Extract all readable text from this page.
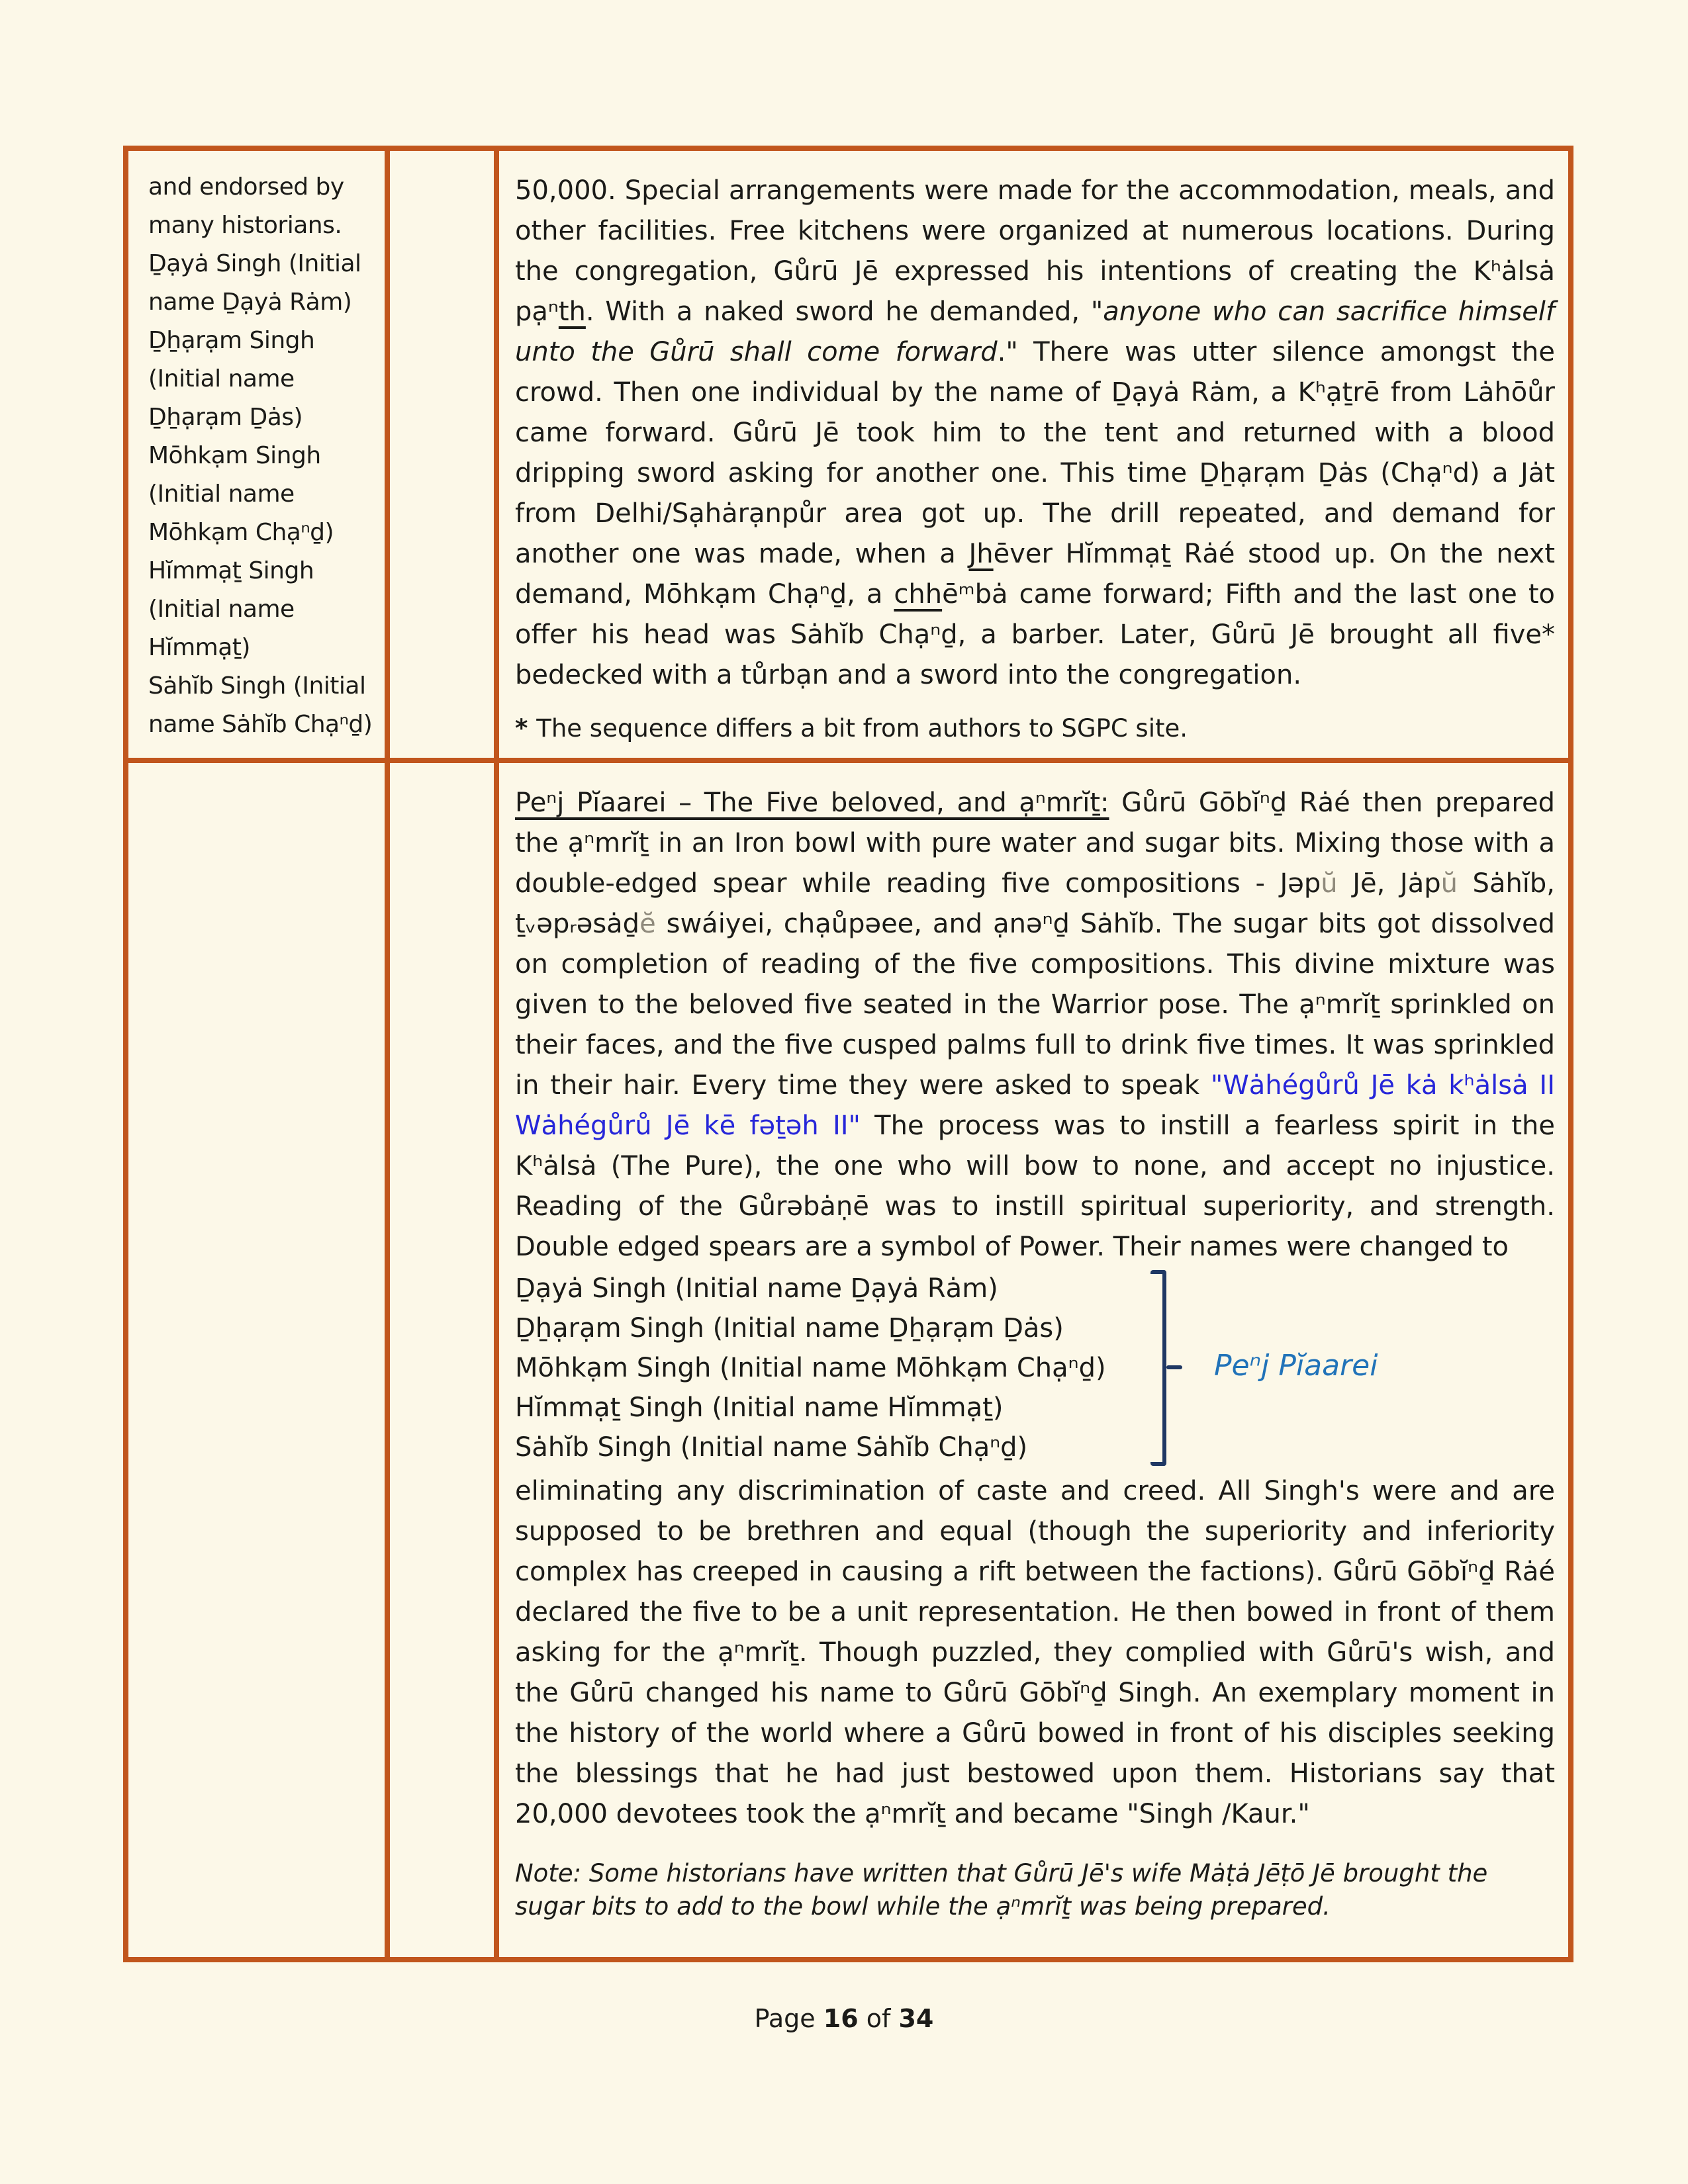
and endorsed by
many historians.
Ḏạyȧ Singh (Initial
name Ḏạyȧ Rȧm)
Ḏẖạrạm Singh
(Initial name
Ḏẖạrạm Ḏȧs)
Mōhkạm Singh
(Initial name
Mōhkạm Chạⁿḏ)
Hĭmmạṯ Singh
(Initial name
Hĭmmạṯ)
Sȧhĭb Singh (Initial
name Sȧhĭb Chạⁿḏ)
50,000. Special arrangements were made for the accommodation, meals, and other facilities. Free kitchens were organized at numerous locations. During the congregation, Gůrū Jē expressed his intentions of creating the Kʰȧlsȧ pạⁿth. With a naked sword he demanded, "anyone who can sacrifice himself unto the Gůrū shall come forward." There was utter silence amongst the crowd. Then one individual by the name of Ḏạyȧ Rȧm, a Kʰạṯrē from Lȧhōůr came forward. Gůrū Jē took him to the tent and returned with a blood dripping sword asking for another one. This time Ḏẖạrạm Ḏȧs (Chạⁿd) a Jȧt from Delhi/Sạhȧrạnpůr area got up. The drill repeated, and demand for another one was made, when a Jhēver Hĭmmạṯ Rȧé stood up. On the next demand, Mōhkạm Chạⁿḏ, a chhēᵐbȧ came forward; Fifth and the last one to offer his head was Sȧhĭb Chạⁿḏ, a barber. Later, Gůrū Jē brought all five* bedecked with a tůrbạn and a sword into the congregation.
* The sequence differs a bit from authors to SGPC site.
Peⁿj Pĭaarei – The Five beloved, and ạⁿmrĭṯ: Gůrū Gōbĭⁿḏ Rȧé then prepared the ạⁿmrĭṯ in an Iron bowl with pure water and sugar bits. Mixing those with a double-edged spear while reading five compositions - Jəpŭ Jē, Jȧpŭ Sȧhĭb, ṯᵥəpᵣəsȧḏĕ swáiyei, chạůpəee, and ạnəⁿḏ Sȧhĭb. The sugar bits got dissolved on completion of reading of the five compositions. This divine mixture was given to the beloved five seated in the Warrior pose. The ạⁿmrĭṯ sprinkled on their faces, and the five cusped palms full to drink five times. It was sprinkled in their hair. Every time they were asked to speak "Wȧhégůrů Jē kȧ kʰȧlsȧ II Wȧhégůrů Jē kē fəṯəh II" The process was to instill a fearless spirit in the Kʰȧlsȧ (The Pure), the one who will bow to none, and accept no injustice. Reading of the Gůrəbȧṇē was to instill spiritual superiority, and strength. Double edged spears are a symbol of Power. Their names were changed to
Ḏạyȧ Singh (Initial name Ḏạyȧ Rȧm)
Ḏẖạrạm Singh (Initial name Ḏẖạrạm Ḏȧs)
Mōhkạm Singh (Initial name Mōhkạm Chạⁿḏ)
Hĭmmạṯ Singh (Initial name Hĭmmạṯ)
Sȧhĭb Singh (Initial name Sȧhĭb Chạⁿḏ)
Peⁿj Pĭaarei
eliminating any discrimination of caste and creed. All Singh's were and are supposed to be brethren and equal (though the superiority and inferiority complex has creeped in causing a rift between the factions). Gůrū Gōbĭⁿḏ Rȧé declared the five to be a unit representation. He then bowed in front of them asking for the ạⁿmrĭṯ. Though puzzled, they complied with Gůrū's wish, and the Gůrū changed his name to Gůrū Gōbĭⁿḏ Singh. An exemplary moment in the history of the world where a Gůrū bowed in front of his disciples seeking the blessings that he had just bestowed upon them. Historians say that 20,000 devotees took the ạⁿmrĭṯ and became "Singh /Kaur."
Note: Some historians have written that Gůrū Jē's wife Mȧṭȧ Jēṭō Jē brought the sugar bits to add to the bowl while the ạⁿmrĭṯ was being prepared.
Page 16 of 34
